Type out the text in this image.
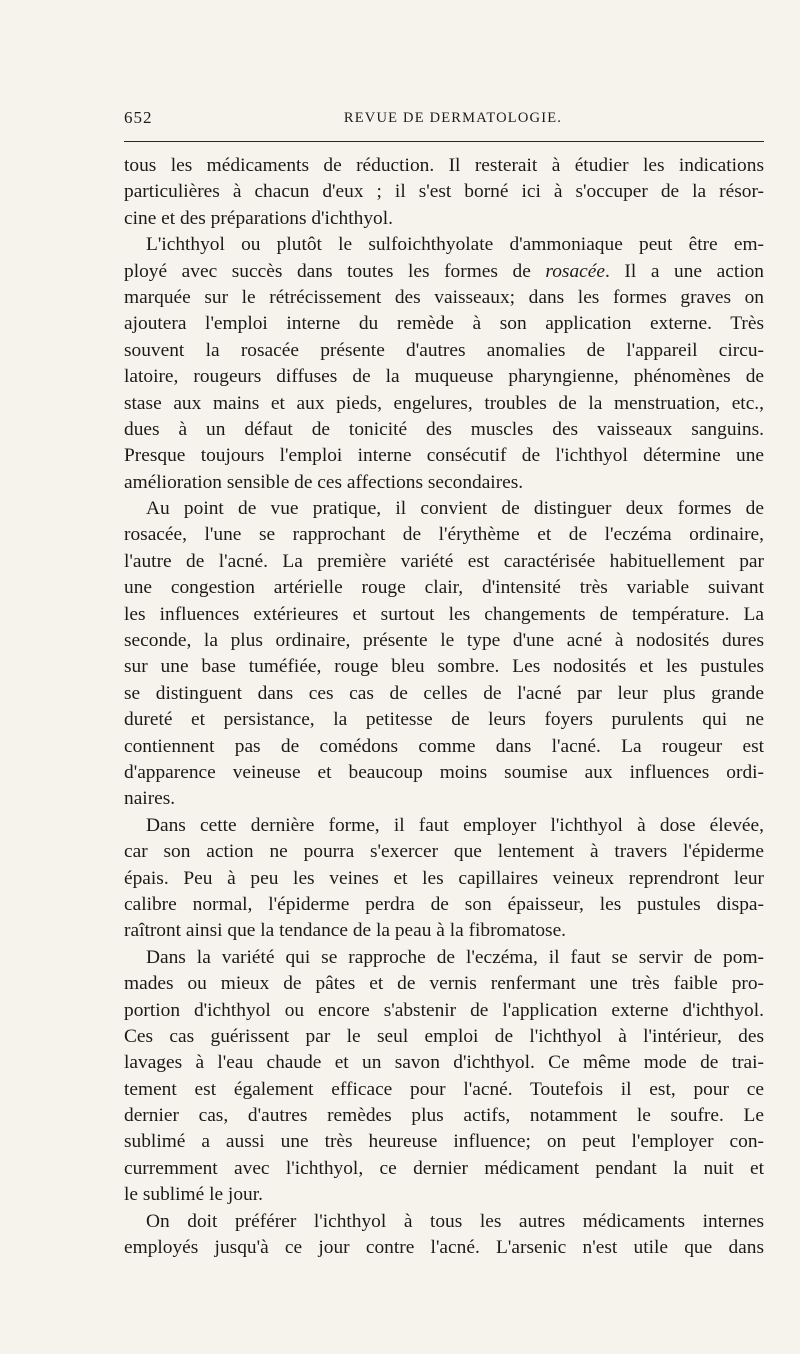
652	REVUE DE DERMATOLOGIE.
tous les médicaments de réduction. Il resterait à étudier les indications
particulières à chacun d'eux ; il s'est borné ici à s'occuper de la résor-
cine et des préparations d'ichthyol.
L'ichthyol ou plutôt le sulfoichthyolate d'ammoniaque peut être em-
ployé avec succès dans toutes les formes de rosacée. Il a une action
marquée sur le rétrécissement des vaisseaux; dans les formes graves on
ajoutera l'emploi interne du remède à son application externe. Très
souvent la rosacée présente d'autres anomalies de l'appareil circu-
latoire, rougeurs diffuses de la muqueuse pharyngienne, phénomènes de
stase aux mains et aux pieds, engelures, troubles de la menstruation, etc.,
dues à un défaut de tonicité des muscles des vaisseaux sanguins.
Presque toujours l'emploi interne consécutif de l'ichthyol détermine une
amélioration sensible de ces affections secondaires.
Au point de vue pratique, il convient de distinguer deux formes de
rosacée, l'une se rapprochant de l'érythème et de l'eczéma ordinaire,
l'autre de l'acné. La première variété est caractérisée habituellement par
une congestion artérielle rouge clair, d'intensité très variable suivant
les influences extérieures et surtout les changements de température. La
seconde, la plus ordinaire, présente le type d'une acné à nodosités dures
sur une base tuméfiée, rouge bleu sombre. Les nodosités et les pustules
se distinguent dans ces cas de celles de l'acné par leur plus grande
dureté et persistance, la petitesse de leurs foyers purulents qui ne
contiennent pas de comédons comme dans l'acné. La rougeur est
d'apparence veineuse et beaucoup moins soumise aux influences ordi-
naires.
Dans cette dernière forme, il faut employer l'ichthyol à dose élevée,
car son action ne pourra s'exercer que lentement à travers l'épiderme
épais. Peu à peu les veines et les capillaires veineux reprendront leur
calibre normal, l'épiderme perdra de son épaisseur, les pustules dispa-
raîtront ainsi que la tendance de la peau à la fibromatose.
Dans la variété qui se rapproche de l'eczéma, il faut se servir de pom-
mades ou mieux de pâtes et de vernis renfermant une très faible pro-
portion d'ichthyol ou encore s'abstenir de l'application externe d'ichthyol.
Ces cas guérissent par le seul emploi de l'ichthyol à l'intérieur, des
lavages à l'eau chaude et un savon d'ichthyol. Ce même mode de trai-
tement est également efficace pour l'acné. Toutefois il est, pour ce
dernier cas, d'autres remèdes plus actifs, notamment le soufre. Le
sublimé a aussi une très heureuse influence; on peut l'employer con-
curremment avec l'ichthyol, ce dernier médicament pendant la nuit et
le sublimé le jour.
On doit préférer l'ichthyol à tous les autres médicaments internes
employés jusqu'à ce jour contre l'acné. L'arsenic n'est utile que dans
